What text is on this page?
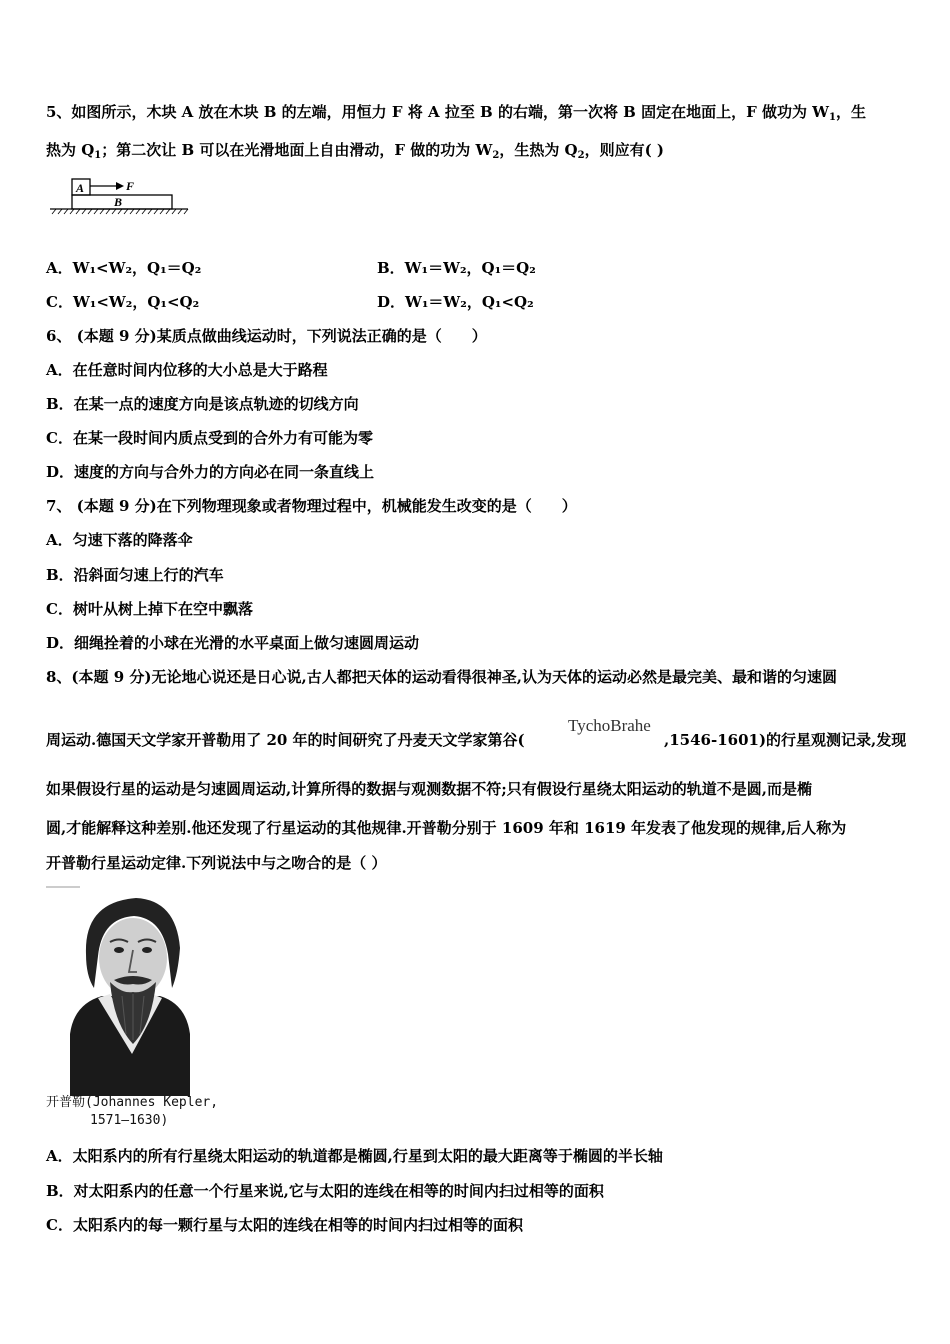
5、如图所示，木块 A 放在木块 B 的左端，用恒力 F 将 A 拉至 B 的右端，第一次将 B 固定在地面上，F 做功为 $W_1$，生
热为 $Q_1$；第二次让 B 可以在光滑地面上自由滑动，F 做的功为 $W_2$，生热为 $Q_2$，则应有( )
A	F
B
A．W₁<W₂，Q₁＝Q₂	B．W₁＝W₂，Q₁＝Q₂
C．W₁<W₂，Q₁<Q₂	D．W₁＝W₂，Q₁<Q₂
6、 (本题 9 分)某质点做曲线运动时，下列说法正确的是（　　）
A．在任意时间内位移的大小总是大于路程
B．在某一点的速度方向是该点轨迹的切线方向
C．在某一段时间内质点受到的合外力有可能为零
D．速度的方向与合外力的方向必在同一条直线上
7、 (本题 9 分)在下列物理现象或者物理过程中，机械能发生改变的是（　　）
A．匀速下落的降落伞
B．沿斜面匀速上行的汽车
C．树叶从树上掉下在空中飘落
D．细绳拴着的小球在光滑的水平桌面上做匀速圆周运动
8、(本题 9 分)无论地心说还是日心说,古人都把天体的运动看得很神圣,认为天体的运动必然是最完美、最和谐的匀速圆
TychoBrahe
周运动.德国天文学家开普勒用了 20 年的时间研究了丹麦天文学家第谷(	,1546-1601)的行星观测记录,发现
如果假设行星的运动是匀速圆周运动,计算所得的数据与观测数据不符;只有假设行星绕太阳运动的轨道不是圆,而是椭
圆,才能解释这种差别.他还发现了行星运动的其他规律.开普勒分别于 1609 年和 1619 年发表了他发现的规律,后人称为
开普勒行星运动定律.下列说法中与之吻合的是（ ）
开普勒(Johannes Kepler,
1571—1630)
A．太阳系内的所有行星绕太阳运动的轨道都是椭圆,行星到太阳的最大距离等于椭圆的半长轴
B．对太阳系内的任意一个行星来说,它与太阳的连线在相等的时间内扫过相等的面积
C．太阳系内的每一颗行星与太阳的连线在相等的时间内扫过相等的面积
